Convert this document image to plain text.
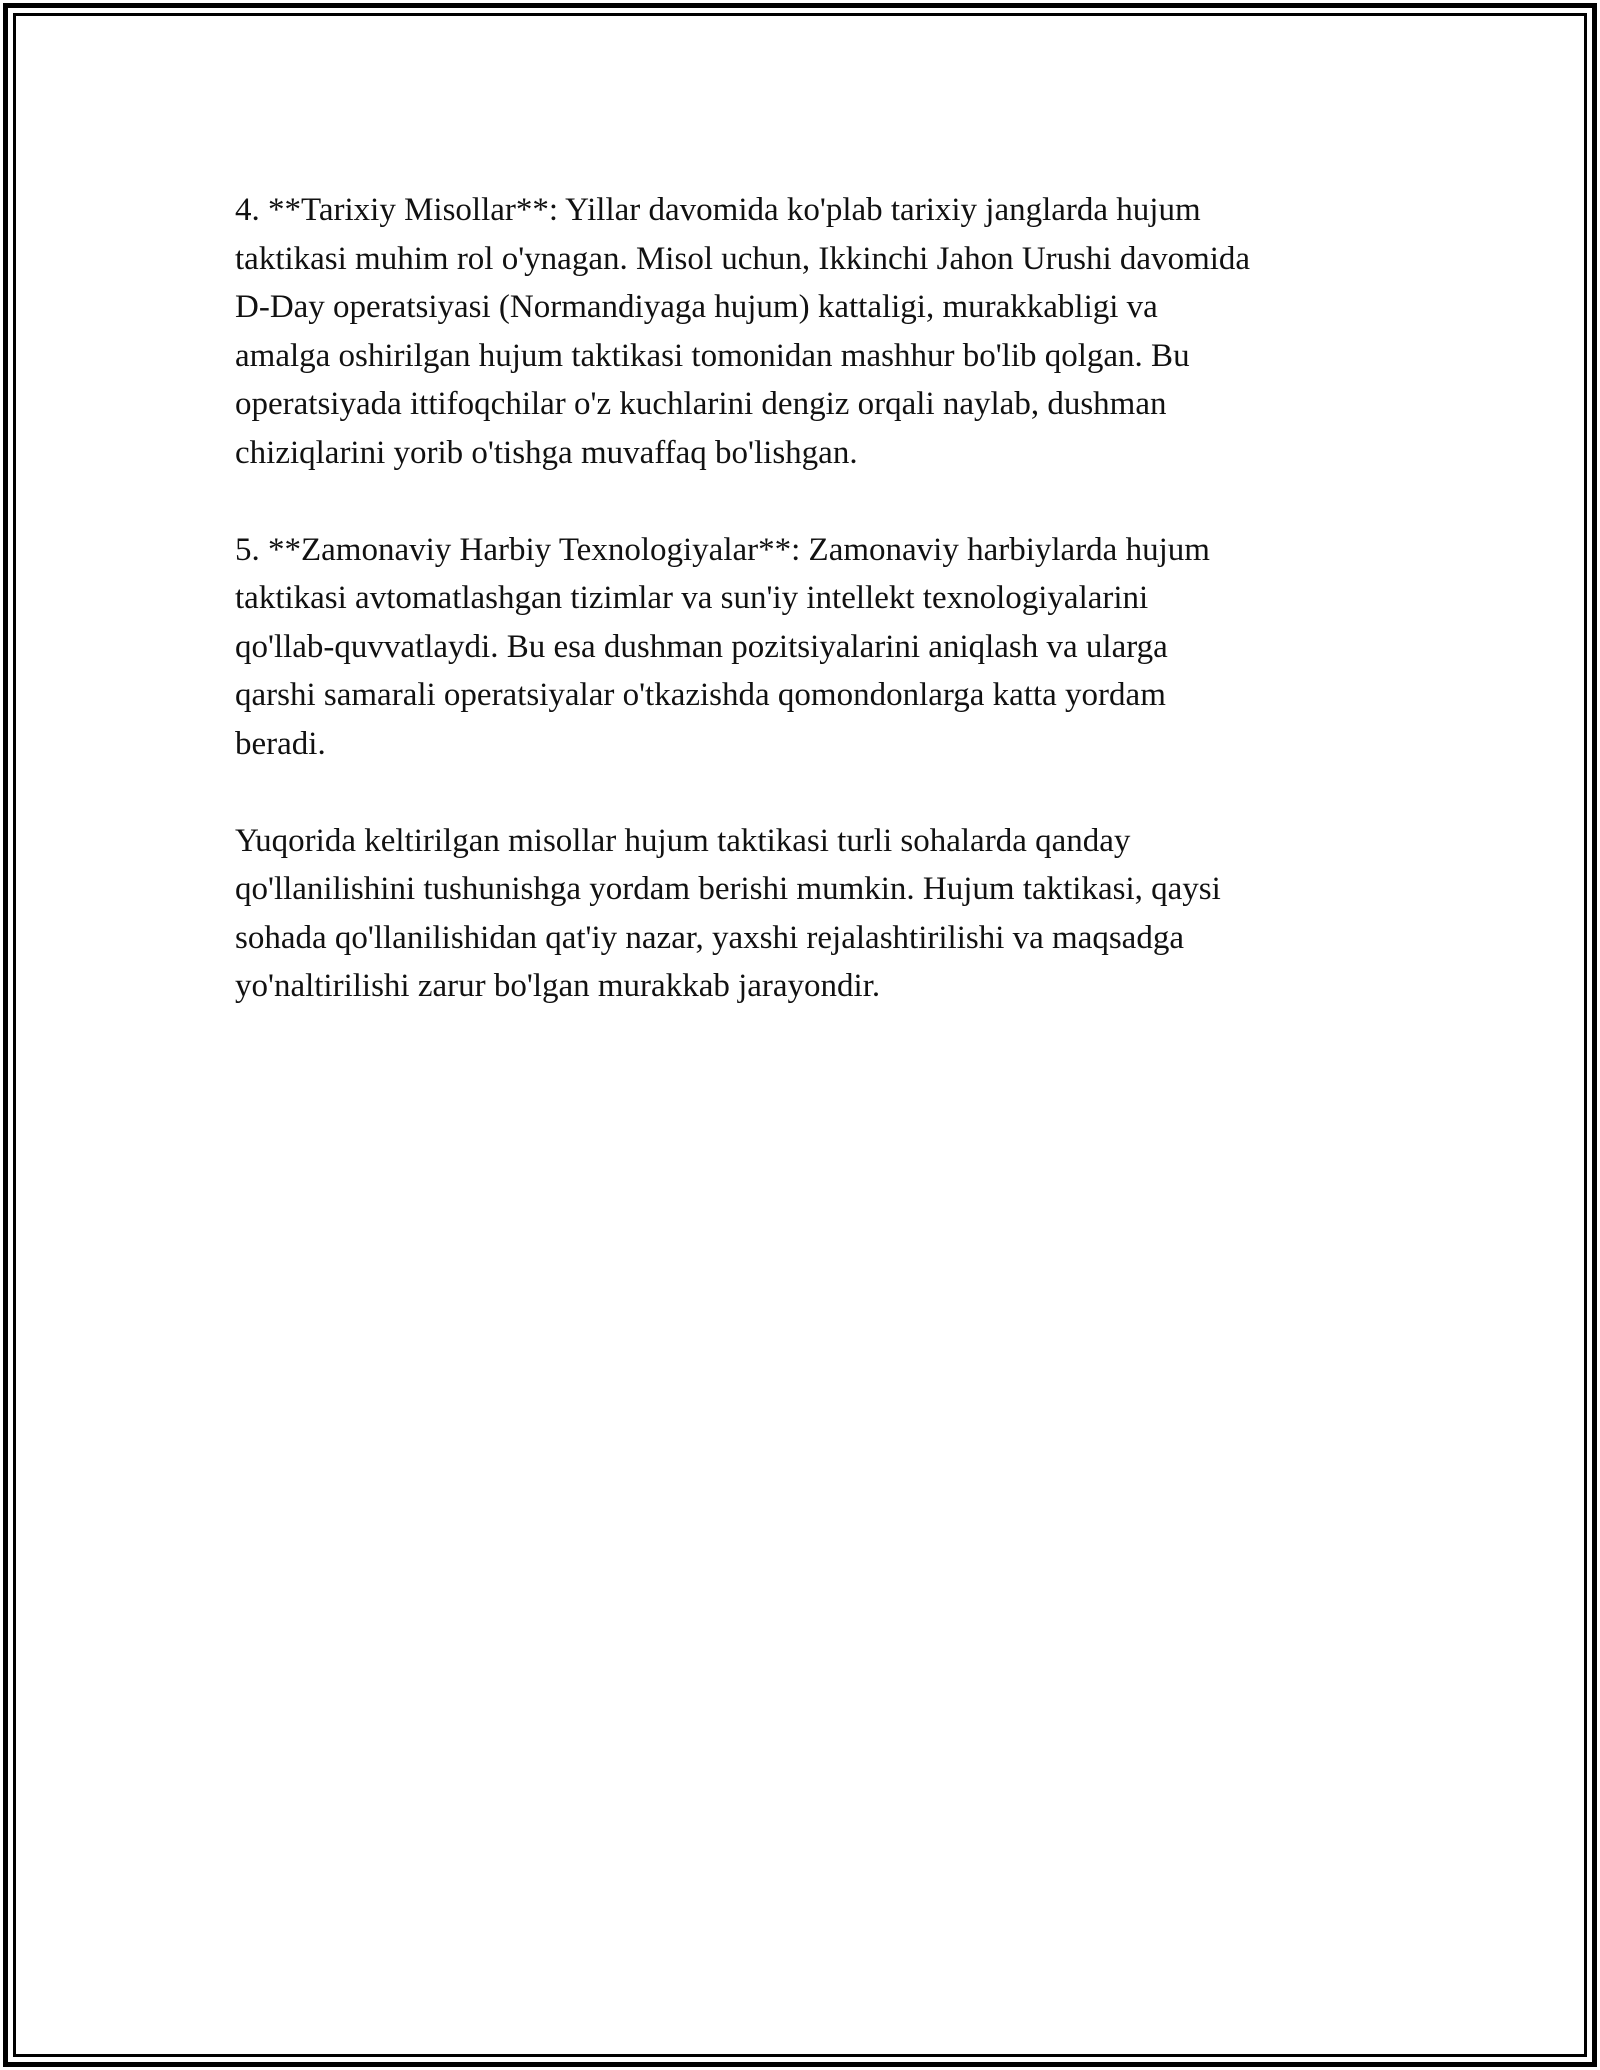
4. **Tarixiy Misollar**: Yillar davomida ko'plab tarixiy janglarda hujum
taktikasi muhim rol o'ynagan. Misol uchun, Ikkinchi Jahon Urushi davomida
D-Day operatsiyasi (Normandiyaga hujum) kattaligi, murakkabligi va
amalga oshirilgan hujum taktikasi tomonidan mashhur bo'lib qolgan. Bu
operatsiyada ittifoqchilar o'z kuchlarini dengiz orqali naylab, dushman
chiziqlarini yorib o'tishga muvaffaq bo'lishgan.

5. **Zamonaviy Harbiy Texnologiyalar**: Zamonaviy harbiylarda hujum
taktikasi avtomatlashgan tizimlar va sun'iy intellekt texnologiyalarini
qo'llab-quvvatlaydi. Bu esa dushman pozitsiyalarini aniqlash va ularga
qarshi samarali operatsiyalar o'tkazishda qomondonlarga katta yordam
beradi.

Yuqorida keltirilgan misollar hujum taktikasi turli sohalarda qanday
qo'llanilishini tushunishga yordam berishi mumkin. Hujum taktikasi, qaysi
sohada qo'llanilishidan qat'iy nazar, yaxshi rejalashtirilishi va maqsadga
yo'naltirilishi zarur bo'lgan murakkab jarayondir.
